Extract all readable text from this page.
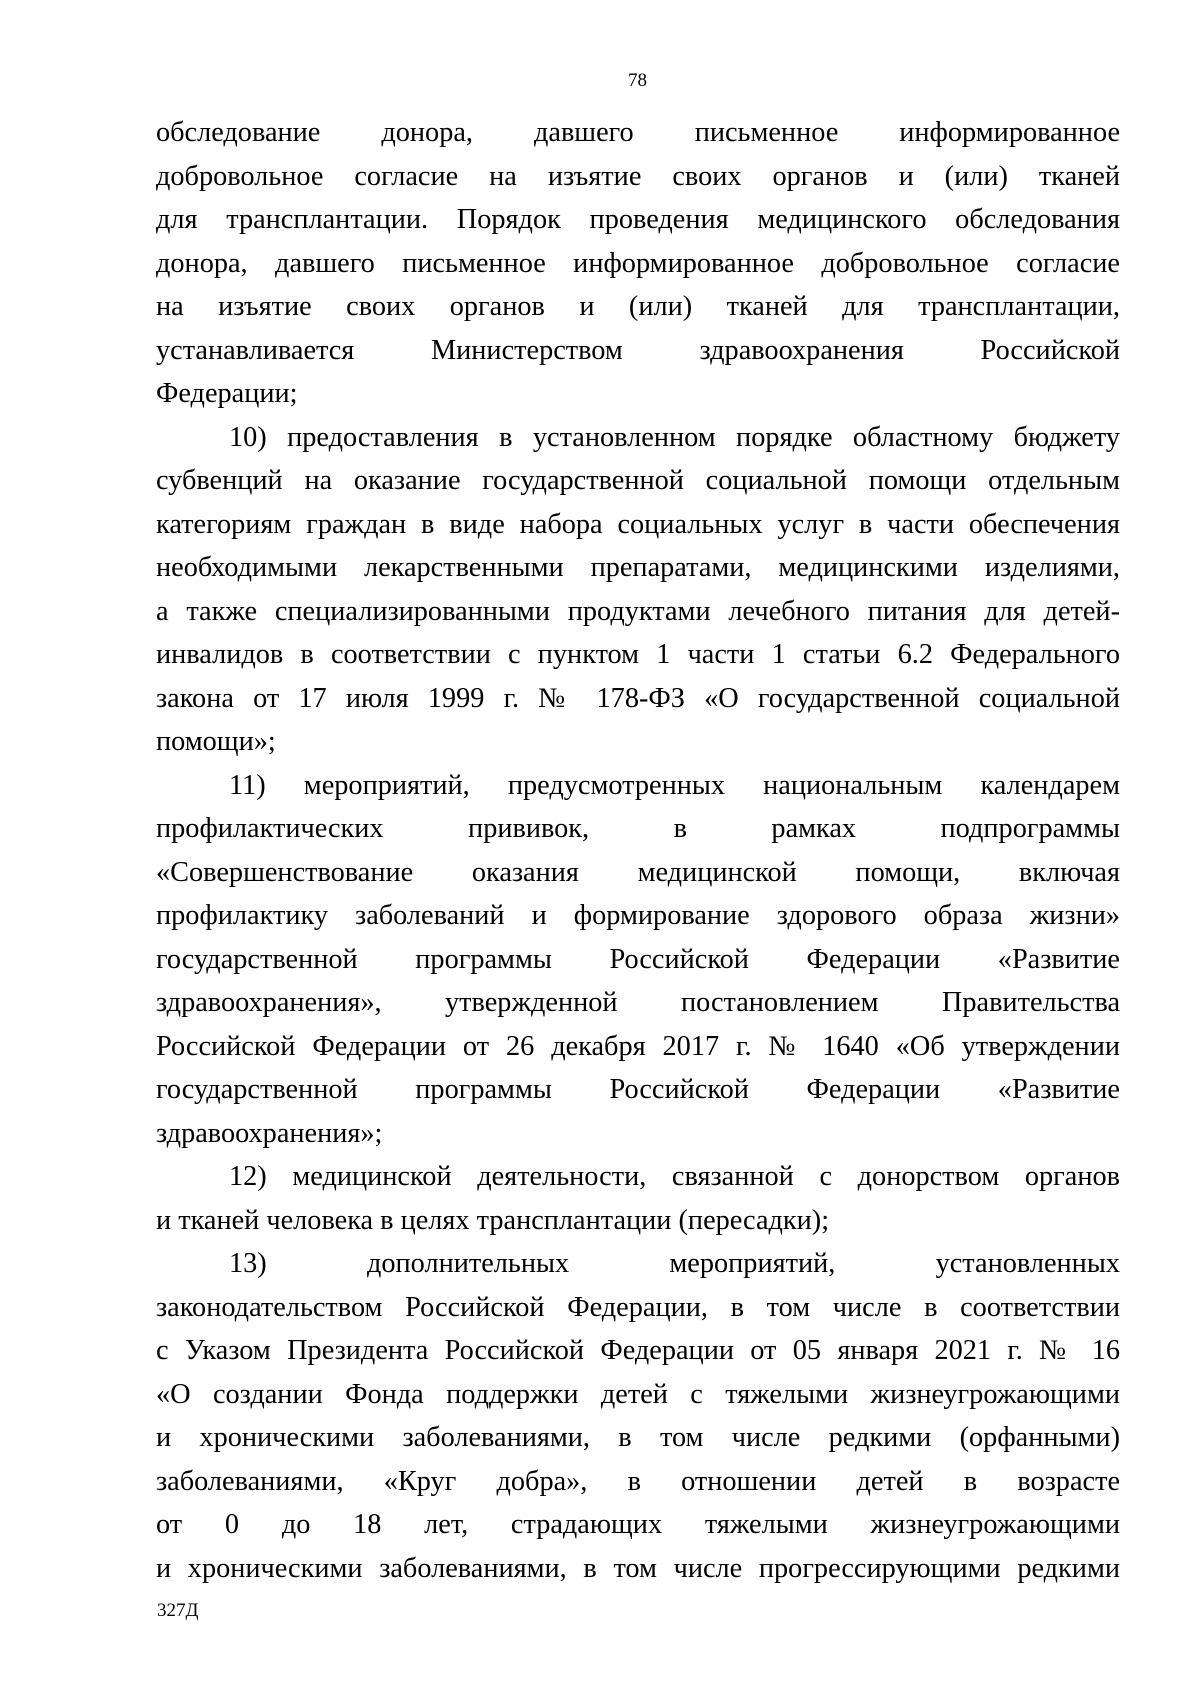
78
обследование донора, давшего письменное информированное
добровольное согласие на изъятие своих органов и (или) тканей
для трансплантации. Порядок проведения медицинского обследования
донора, давшего письменное информированное добровольное согласие
на изъятие своих органов и (или) тканей для трансплантации,
устанавливается Министерством здравоохранения Российской
Федерации;
10) предоставления в установленном порядке областному бюджету
субвенций на оказание государственной социальной помощи отдельным
категориям граждан в виде набора социальных услуг в части обеспечения
необходимыми лекарственными препаратами, медицинскими изделиями,
а также специализированными продуктами лечебного питания для детей-
инвалидов в соответствии с пунктом 1 части 1 статьи 6.2 Федерального
закона от 17 июля 1999 г. № 178-ФЗ «О государственной социальной
помощи»;
11) мероприятий, предусмотренных национальным календарем
профилактических прививок, в рамках подпрограммы
«Совершенствование оказания медицинской помощи, включая
профилактику заболеваний и формирование здорового образа жизни»
государственной программы Российской Федерации «Развитие
здравоохранения», утвержденной постановлением Правительства
Российской Федерации от 26 декабря 2017 г. № 1640 «Об утверждении
государственной программы Российской Федерации «Развитие
здравоохранения»;
12) медицинской деятельности, связанной с донорством органов
и тканей человека в целях трансплантации (пересадки);
13) дополнительных мероприятий, установленных
законодательством Российской Федерации, в том числе в соответствии
с Указом Президента Российской Федерации от 05 января 2021 г. № 16
«О создании Фонда поддержки детей с тяжелыми жизнеугрожающими
и хроническими заболеваниями, в том числе редкими (орфанными)
заболеваниями, «Круг добра», в отношении детей в возрасте
от 0 до 18 лет, страдающих тяжелыми жизнеугрожающими
и хроническими заболеваниями, в том числе прогрессирующими редкими
327Д
